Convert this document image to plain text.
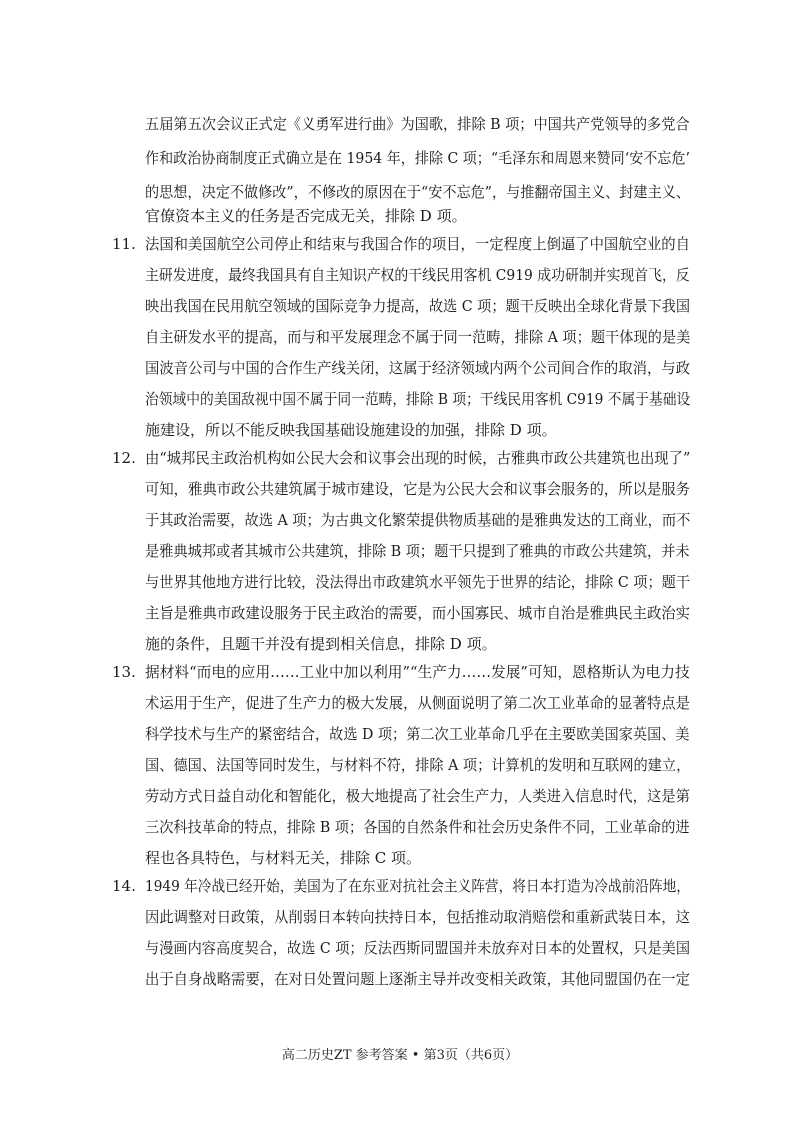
五届第五次会议正式定《义勇军进行曲》为国歌，排除 B 项；中国共产党领导的多党合
作和政治协商制度正式确立是在 1954 年，排除 C 项；“毛泽东和周恩来赞同‘安不忘危’
的思想，决定不做修改”，不修改的原因在于“安不忘危”，与推翻帝国主义、封建主义、
官僚资本主义的任务是否完成无关，排除 D 项。
11. 法国和美国航空公司停止和结束与我国合作的项目，一定程度上倒逼了中国航空业的自
主研发进度，最终我国具有自主知识产权的干线民用客机 C919 成功研制并实现首飞，反
映出我国在民用航空领域的国际竞争力提高，故选 C 项；题干反映出全球化背景下我国
自主研发水平的提高，而与和平发展理念不属于同一范畴，排除 A 项；题干体现的是美
国波音公司与中国的合作生产线关闭，这属于经济领域内两个公司间合作的取消，与政
治领域中的美国敌视中国不属于同一范畴，排除 B 项；干线民用客机 C919 不属于基础设
施建设，所以不能反映我国基础设施建设的加强，排除 D 项。
12. 由“城邦民主政治机构如公民大会和议事会出现的时候，古雅典市政公共建筑也出现了”
可知，雅典市政公共建筑属于城市建设，它是为公民大会和议事会服务的，所以是服务
于其政治需要，故选 A 项；为古典文化繁荣提供物质基础的是雅典发达的工商业，而不
是雅典城邦或者其城市公共建筑，排除 B 项；题干只提到了雅典的市政公共建筑，并未
与世界其他地方进行比较，没法得出市政建筑水平领先于世界的结论，排除 C 项；题干
主旨是雅典市政建设服务于民主政治的需要，而小国寡民、城市自治是雅典民主政治实
施的条件，且题干并没有提到相关信息，排除 D 项。
13. 据材料“而电的应用……工业中加以利用”“生产力……发展”可知，恩格斯认为电力技
术运用于生产，促进了生产力的极大发展，从侧面说明了第二次工业革命的显著特点是
科学技术与生产的紧密结合，故选 D 项；第二次工业革命几乎在主要欧美国家英国、美
国、德国、法国等同时发生，与材料不符，排除 A 项；计算机的发明和互联网的建立，
劳动方式日益自动化和智能化，极大地提高了社会生产力，人类进入信息时代，这是第
三次科技革命的特点，排除 B 项；各国的自然条件和社会历史条件不同，工业革命的进
程也各具特色，与材料无关，排除 C 项。
14. 1949 年冷战已经开始，美国为了在东亚对抗社会主义阵营，将日本打造为冷战前沿阵地，
因此调整对日政策，从削弱日本转向扶持日本，包括推动取消赔偿和重新武装日本，这
与漫画内容高度契合，故选 C 项；反法西斯同盟国并未放弃对日本的处置权，只是美国
出于自身战略需要，在对日处置问题上逐渐主导并改变相关政策，其他同盟国仍在一定
高二历史ZT 参考答案 • 第3页（共6页）
